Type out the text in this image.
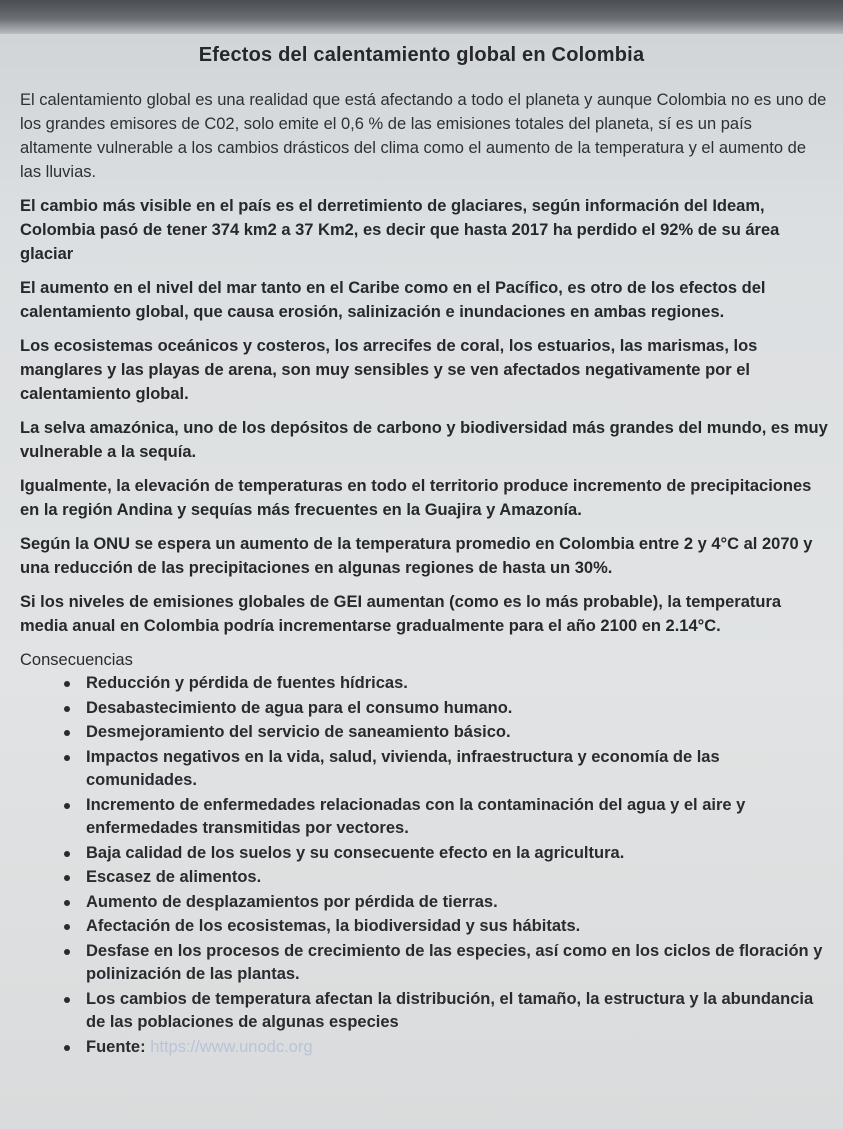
Efectos del calentamiento global en Colombia

El calentamiento global es una realidad que está afectando a todo el planeta y aunque Colombia no es uno de los grandes emisores de C02, solo emite el 0,6 % de las emisiones totales del planeta, sí es un país altamente vulnerable a los cambios drásticos del clima como el aumento de la temperatura y el aumento de las lluvias.

El cambio más visible en el país es el derretimiento de glaciares, según información del Ideam, Colombia pasó de tener 374 km2 a 37 Km2, es decir que hasta 2017 ha perdido el 92% de su área glaciar

El aumento en el nivel del mar tanto en el Caribe como en el Pacífico, es otro de los efectos del calentamiento global, que causa erosión, salinización e inundaciones en ambas regiones.

Los ecosistemas oceánicos y costeros, los arrecifes de coral, los estuarios, las marismas, los manglares y las playas de arena, son muy sensibles y se ven afectados negativamente por el calentamiento global.

La selva amazónica, uno de los depósitos de carbono y biodiversidad más grandes del mundo, es muy vulnerable a la sequía.

Igualmente, la elevación de temperaturas en todo el territorio produce incremento de precipitaciones en la región Andina y sequías más frecuentes en la Guajira y Amazonía.

Según la ONU se espera un aumento de la temperatura promedio en Colombia entre 2 y 4°C al 2070 y una reducción de las precipitaciones en algunas regiones de hasta un 30%.

Si los niveles de emisiones globales de GEI aumentan (como es lo más probable), la temperatura media anual en Colombia podría incrementarse gradualmente para el año 2100 en 2.14°C.

Consecuencias
Reducción y pérdida de fuentes hídricas.
Desabastecimiento de agua para el consumo humano.
Desmejoramiento del servicio de saneamiento básico.
Impactos negativos en la vida, salud, vivienda, infraestructura y economía de las comunidades.
Incremento de enfermedades relacionadas con la contaminación del agua y el aire y enfermedades transmitidas por vectores.
Baja calidad de los suelos y su consecuente efecto en la agricultura.
Escasez de alimentos.
Aumento de desplazamientos por pérdida de tierras.
Afectación de los ecosistemas, la biodiversidad y sus hábitats.
Desfase en los procesos de crecimiento de las especies, así como en los ciclos de floración y polinización de las plantas.
Los cambios de temperatura afectan la distribución, el tamaño, la estructura y la abundancia de las poblaciones de algunas especies
Fuente: https://www.unodc.org
